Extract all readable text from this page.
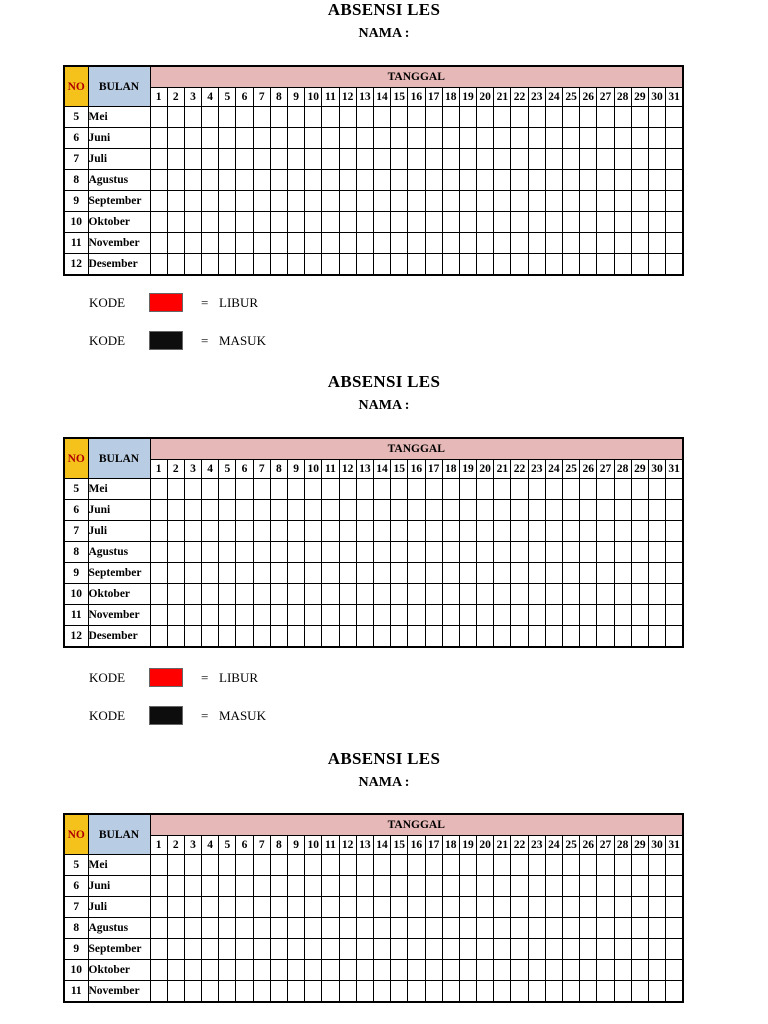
ABSENSI LES
NAMA :
NO	BULAN	TANGGAL																														
		1	2	3	4	5	6	7	8	9	10	11	12	13	14	15	16	17	18	19	20	21	22	23	24	25	26	27	28	29	30	31
5	Mei																															
6	Juni																															
7	Juli																															
8	Agustus																															
9	September																															
10	Oktober																															
11	November																															
12	Desember																															
KODE	= LIBUR
KODE	= MASUK
ABSENSI LES
NAMA :
NO	BULAN	TANGGAL																														
		1	2	3	4	5	6	7	8	9	10	11	12	13	14	15	16	17	18	19	20	21	22	23	24	25	26	27	28	29	30	31
5	Mei																															
6	Juni																															
7	Juli																															
8	Agustus																															
9	September																															
10	Oktober																															
11	November																															
12	Desember																															
KODE	= LIBUR
KODE	= MASUK
ABSENSI LES
NAMA :
NO	BULAN	TANGGAL																														
		1	2	3	4	5	6	7	8	9	10	11	12	13	14	15	16	17	18	19	20	21	22	23	24	25	26	27	28	29	30	31
5	Mei																															
6	Juni																															
7	Juli																															
8	Agustus																															
9	September																															
10	Oktober																															
11	November																															
